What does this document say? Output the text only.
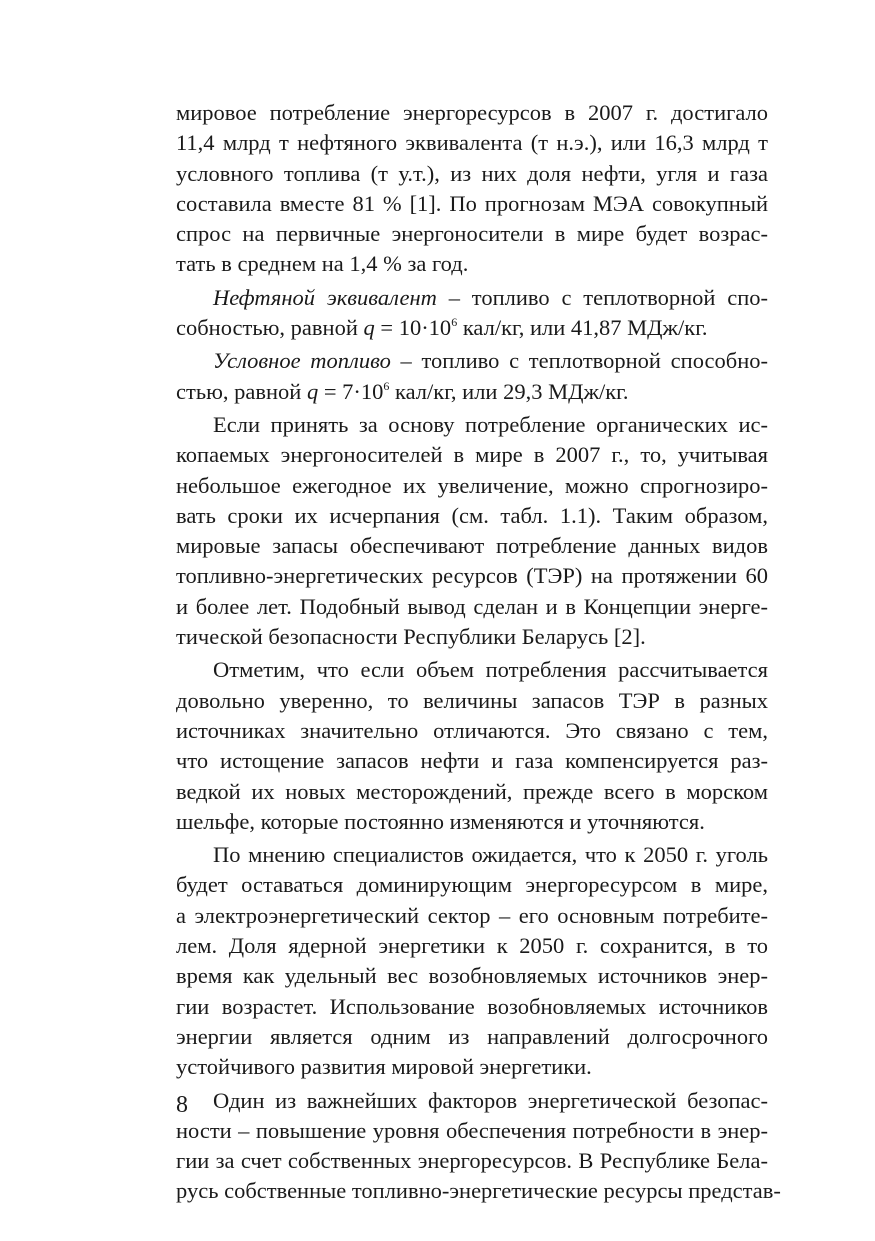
мировое потребление энергоресурсов в 2007 г. достигало
11,4 млрд т нефтяного эквивалента (т н.э.), или 16,3 млрд т
условного топлива (т у.т.), из них доля нефти, угля и газа
составила вместе 81 % [1]. По прогнозам МЭА совокупный
спрос на первичные энергоносители в мире будет возрас-
тать в среднем на 1,4 % за год.

Нефтяной эквивалент – топливо с теплотворной спо-
собностью, равной $q = 10\cdot 10^6$ кал/кг, или 41,87 МДж/кг.

Условное топливо – топливо с теплотворной способно-
стью, равной $q = 7\cdot 10^6$ кал/кг, или 29,3 МДж/кг.

Если принять за основу потребление органических ис-
копаемых энергоносителей в мире в 2007 г., то, учитывая
небольшое ежегодное их увеличение, можно спрогнозиро-
вать сроки их исчерпания (см. табл. 1.1). Таким образом,
мировые запасы обеспечивают потребление данных видов
топливно-энергетических ресурсов (ТЭР) на протяжении 60
и более лет. Подобный вывод сделан и в Концепции энерге-
тической безопасности Республики Беларусь [2].

Отметим, что если объем потребления рассчитывается
довольно уверенно, то величины запасов ТЭР в разных
источниках значительно отличаются. Это связано с тем,
что истощение запасов нефти и газа компенсируется раз-
ведкой их новых месторождений, прежде всего в морском
шельфе, которые постоянно изменяются и уточняются.

По мнению специалистов ожидается, что к 2050 г. уголь
будет оставаться доминирующим энергоресурсом в мире,
а электроэнергетический сектор – его основным потребите-
лем. Доля ядерной энергетики к 2050 г. сохранится, в то
время как удельный вес возобновляемых источников энер-
гии возрастет. Использование возобновляемых источников
энергии является одним из направлений долгосрочного
устойчивого развития мировой энергетики.

Один из важнейших факторов энергетической безопас-
ности – повышение уровня обеспечения потребности в энер-
гии за счет собственных энергоресурсов. В Республике Бела-
русь собственные топливно-энергетические ресурсы представ-

8
